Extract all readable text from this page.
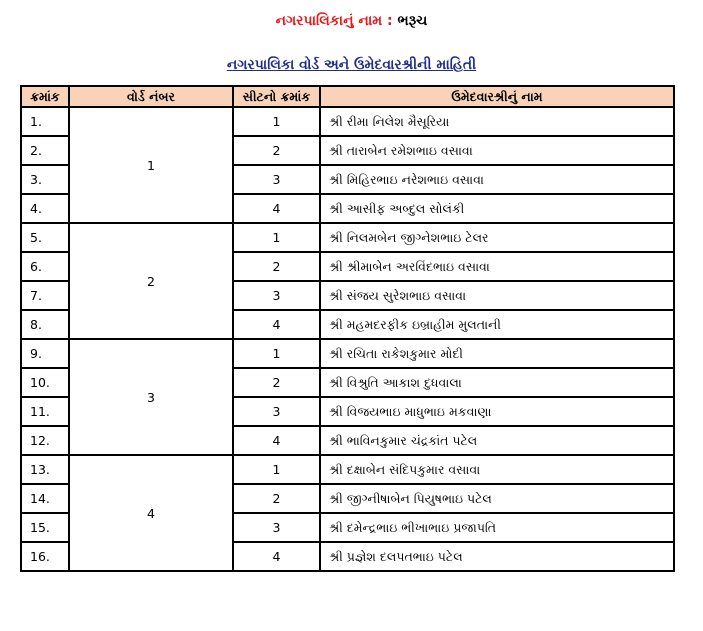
નગરપાલિકાનું નામ : ભરૂચ
નગરપાલિકા વોર્ડ અને ઉમેદવારશ્રીની માહિતી
ક્રમાંક	વોર્ડ નંબર	સીટનો ક્રમાંક	ઉમેદવારશ્રીનું નામ
1.	1	1	શ્રી રીમા નિલેશ મૈસૂરિયા
2.		2	શ્રી તારાબેન રમેશભાઇ વસાવા
3.		3	શ્રી મિહિરભાઇ નરેશભાઇ વસાવા
4.		4	શ્રી આસીફ અબ્દુલ સોલંકી
5.	2	1	શ્રી નિલમબેન જીગ્નેશભાઇ ટેલર
6.		2	શ્રી શ્રીમાબેન અરવિંદભાઇ વસાવા
7.		3	શ્રી સંજય સુરેશભાઇ વસાવા
8.		4	શ્રી મહમદરફીક ઇબ્રાહીમ મુલતાની
9.	3	1	શ્રી રચિતા રાકેશકુમાર મોદી
10.		2	શ્રી વિશ્રુતિ આકાશ દુધવાલા
11.		3	શ્રી વિજયભાઇ માધુભાઇ મકવાણા
12.		4	શ્રી ભાવિનકુમાર ચંદ્રકાંત પટેલ
13.	4	1	શ્રી દક્ષાબેન સંદિપકુમાર વસાવા
14.		2	શ્રી જીગ્નીષાબેન પિયુષભાઇ પટેલ
15.		3	શ્રી દમેન્દ્રભાઇ ભીખાભાઇ પ્રજાપતિ
16.		4	શ્રી પ્રજ્ઞેશ દલપતભાઇ પટેલ
